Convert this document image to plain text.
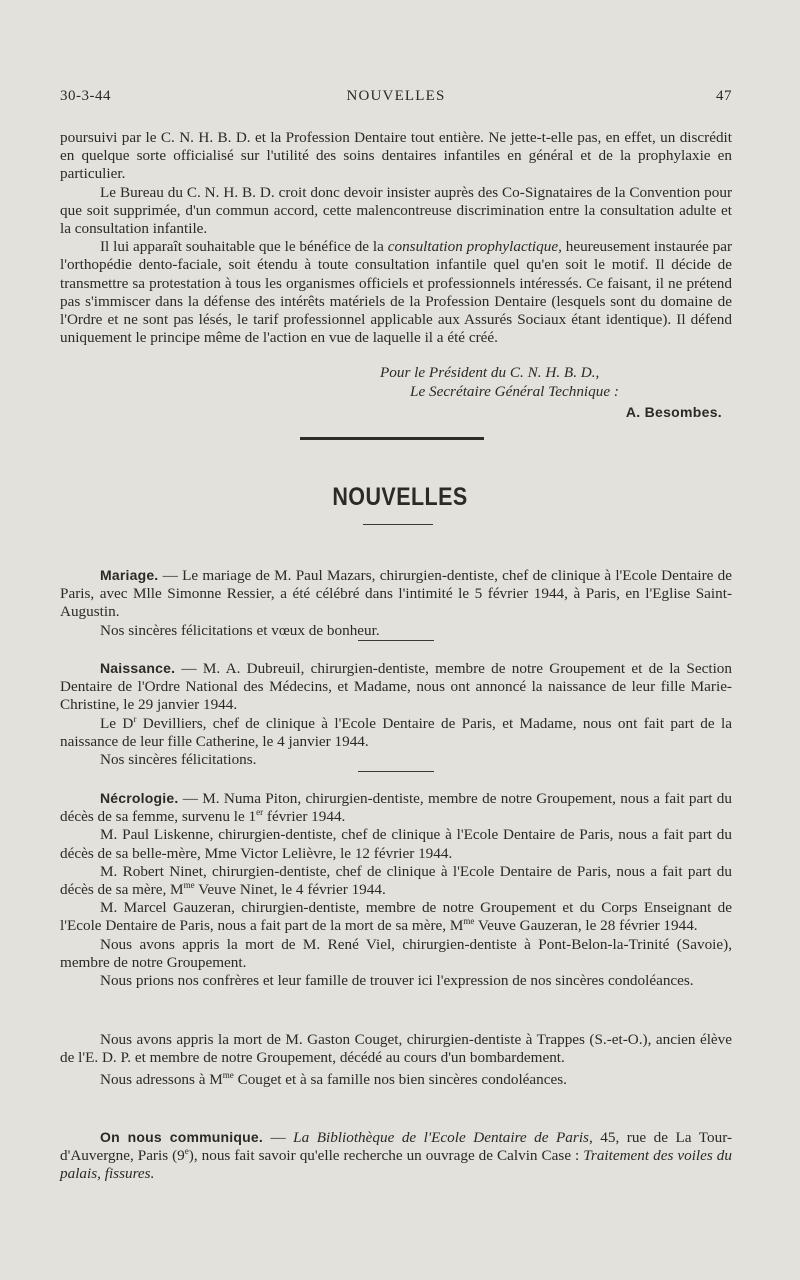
30-3-44	NOUVELLES	47

poursuivi par le C. N. H. B. D. et la Profession Dentaire tout entière. Ne jette-t-elle pas, en effet, un discrédit en quelque sorte officialisé sur l'utilité des soins dentaires infantiles en général et de la prophylaxie en particulier.

Le Bureau du C. N. H. B. D. croit donc devoir insister auprès des Co-Signataires de la Convention pour que soit supprimée, d'un commun accord, cette malencontreuse discrimination entre la consultation adulte et la consultation infantile.

Il lui apparaît souhaitable que le bénéfice de la consultation prophylactique, heureusement instaurée par l'orthopédie dento-faciale, soit étendu à toute consultation infantile quel qu'en soit le motif. Il décide de transmettre sa protestation à tous les organismes officiels et professionnels intéressés. Ce faisant, il ne prétend pas s'immiscer dans la défense des intérêts matériels de la Profession Dentaire (lesquels sont du domaine de l'Ordre et ne sont pas lésés, le tarif professionnel applicable aux Assurés Sociaux étant identique). Il défend uniquement le principe même de l'action en vue de laquelle il a été créé.

Pour le Président du C. N. H. B. D.,
Le Secrétaire Général Technique :
A. Besombes.
NOUVELLES

Mariage. — Le mariage de M. Paul Mazars, chirurgien-dentiste, chef de clinique à l'Ecole Dentaire de Paris, avec Mlle Simonne Ressier, a été célébré dans l'intimité le 5 février 1944, à Paris, en l'Eglise Saint-Augustin.

Nos sincères félicitations et vœux de bonheur.

Naissance. — M. A. Dubreuil, chirurgien-dentiste, membre de notre Groupement et de la Section Dentaire de l'Ordre National des Médecins, et Madame, nous ont annoncé la naissance de leur fille Marie-Christine, le 29 janvier 1944.

Le $D^r$ Devilliers, chef de clinique à l'Ecole Dentaire de Paris, et Madame, nous ont fait part de la naissance de leur fille Catherine, le 4 janvier 1944.

Nos sincères félicitations.

Nécrologie. — M. Numa Piton, chirurgien-dentiste, membre de notre Groupement, nous a fait part du décès de sa femme, survenu le 1er février 1944.

M. Paul Liskenne, chirurgien-dentiste, chef de clinique à l'Ecole Dentaire de Paris, nous a fait part du décès de sa belle-mère, Mme Victor Lelièvre, le 12 février 1944.

M. Robert Ninet, chirurgien-dentiste, chef de clinique à l'Ecole Dentaire de Paris, nous a fait part du décès de sa mère, $M^{me}$ Veuve Ninet, le 4 février 1944.

M. Marcel Gauzeran, chirurgien-dentiste, membre de notre Groupement et du Corps Enseignant de l'Ecole Dentaire de Paris, nous a fait part de la mort de sa mère, $M^{me}$ Veuve Gauzeran, le 28 février 1944.

Nous avons appris la mort de M. René Viel, chirurgien-dentiste à Pont-Belon-la-Trinité (Savoie), membre de notre Groupement.

Nous prions nos confrères et leur famille de trouver ici l'expression de nos sincères condoléances.

Nous avons appris la mort de M. Gaston Couget, chirurgien-dentiste à Trappes (S.-et-O.), ancien élève de l'E. D. P. et membre de notre Groupement, décédé au cours d'un bombardement.

Nous adressons à $M^{me}$ Couget et à sa famille nos bien sincères condoléances.

On nous communique. — La Bibliothèque de l'Ecole Dentaire de Paris, 45, rue de La Tour-d'Auvergne, Paris (9e), nous fait savoir qu'elle recherche un ouvrage de Calvin Case : Traitement des voiles du palais, fissures.
